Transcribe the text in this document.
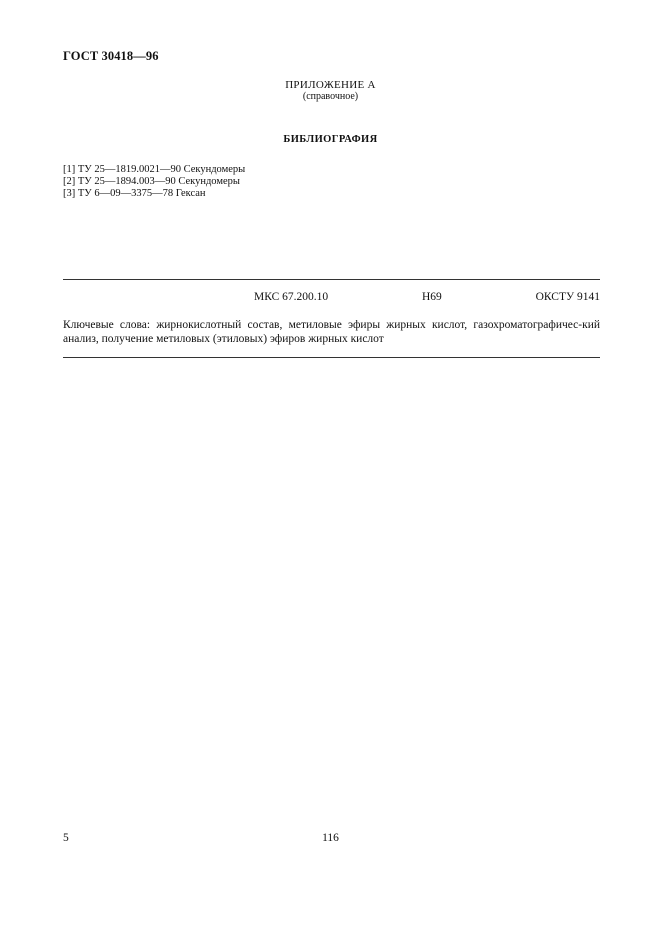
ГОСТ 30418—96
ПРИЛОЖЕНИЕ А
(справочное)
БИБЛИОГРАФИЯ
[1] ТУ 25—1819.0021—90 Секундомеры
[2] ТУ 25—1894.003—90 Секундомеры
[3] ТУ 6—09—3375—78 Гексан
МКС 67.200.10	Н69	ОКСТУ 9141
Ключевые слова: жирнокислотный состав, метиловые эфиры жирных кислот, газохроматографичес-кий анализ, получение метиловых (этиловых) эфиров жирных кислот
5	116
